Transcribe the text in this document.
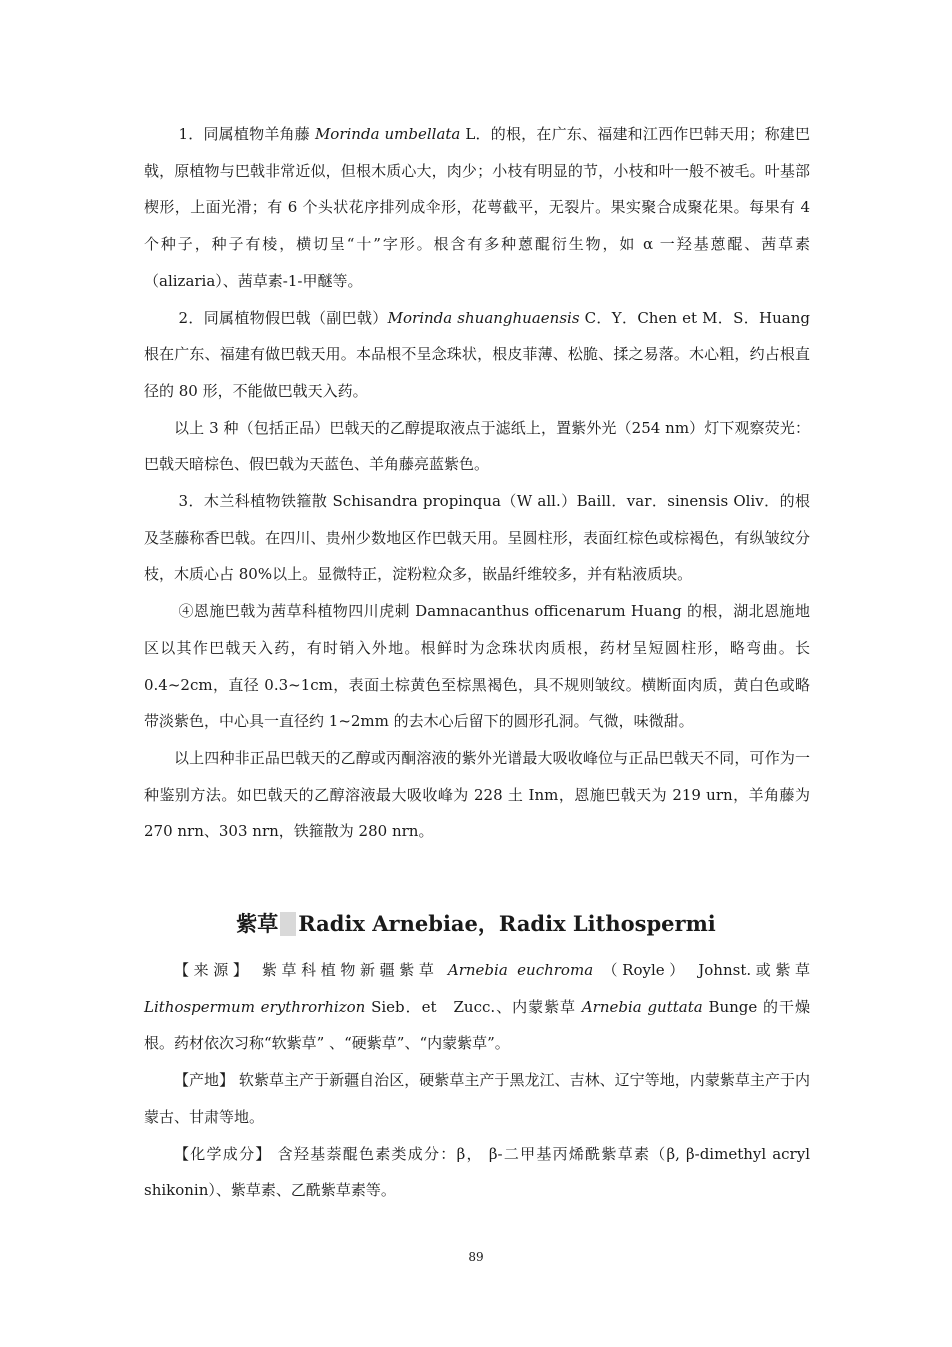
1．同属植物羊角藤 Morinda umbellata L．的根，在广东、福建和江西作巴韩天用；称建巴戟，原植物与巴戟非常近似，但根木质心大，肉少；小枝有明显的节，小枝和叶一般不被毛。叶基部楔形，上面光滑；有 6 个头状花序排列成伞形，花萼截平，无裂片。果实聚合成聚花果。每果有 4 个种子，种子有棱，横切呈“十”字形。根含有多种蒽醌衍生物，如 α 一羟基蒽醌、茜草素（alizaria）、茜草素-1-甲醚等。

2．同属植物假巴戟（副巴戟）Morinda shuanghuaensis C．Y．Chen et M．S．Huang 根在广东、福建有做巴戟天用。本品根不呈念珠状，根皮菲薄、松脆、揉之易落。木心粗，约占根直径的 80 形，不能做巴戟天入药。

以上 3 种（包括正品）巴戟天的乙醇提取液点于滤纸上，置紫外光（254 nm）灯下观察荧光：巴戟天暗棕色、假巴戟为天蓝色、羊角藤亮蓝紫色。

3．木兰科植物铁箍散 Schisandra propinqua（W all.）Baill．var．sinensis Oliv．的根及茎藤称香巴戟。在四川、贵州少数地区作巴戟天用。呈圆柱形，表面红棕色或棕褐色，有纵皱纹分枝，木质心占 80%以上。显微特正，淀粉粒众多，嵌晶纤维较多，并有粘液质块。

④恩施巴戟为茜草科植物四川虎刺 Damnacanthus officenarum Huang 的根，湖北恩施地区以其作巴戟天入药，有时销入外地。根鲜时为念珠状肉质根，药材呈短圆柱形，略弯曲。长 0.4~2cm，直径 0.3~1cm，表面土棕黄色至棕黑褐色，具不规则皱纹。横断面肉质，黄白色或略带淡紫色，中心具一直径约 1~2mm 的去木心后留下的圆形孔洞。气微，味微甜。

以上四种非正品巴戟天的乙醇或丙酮溶液的紫外光谱最大吸收峰位与正品巴戟天不同，可作为一种鉴别方法。如巴戟天的乙醇溶液最大吸收峰为 228 土 Inm，恩施巴戟天为 219 urn，羊角藤为 270 nrn、303 nrn，铁箍散为 280 nrn。

紫草 Radix Arnebiae，Radix Lithospermi

【来源】 紫草科植物新疆紫草 Arnebia euchroma （Royle） Johnst.或紫草 Lithospermum erythrorhizon Sieb．et　Zucc.、内蒙紫草 Arnebia guttata Bunge 的干燥根。药材依次习称“软紫草” 、“硬紫草”、“内蒙紫草”。

【产地】 软紫草主产于新疆自治区，硬紫草主产于黑龙江、吉林、辽宁等地，内蒙紫草主产于内蒙古、甘肃等地。

【化学成分】 含羟基萘醌色素类成分：β， β-二甲基丙烯酰紫草素（β, β-dimethyl acryl shikonin）、紫草素、乙酰紫草素等。

89
